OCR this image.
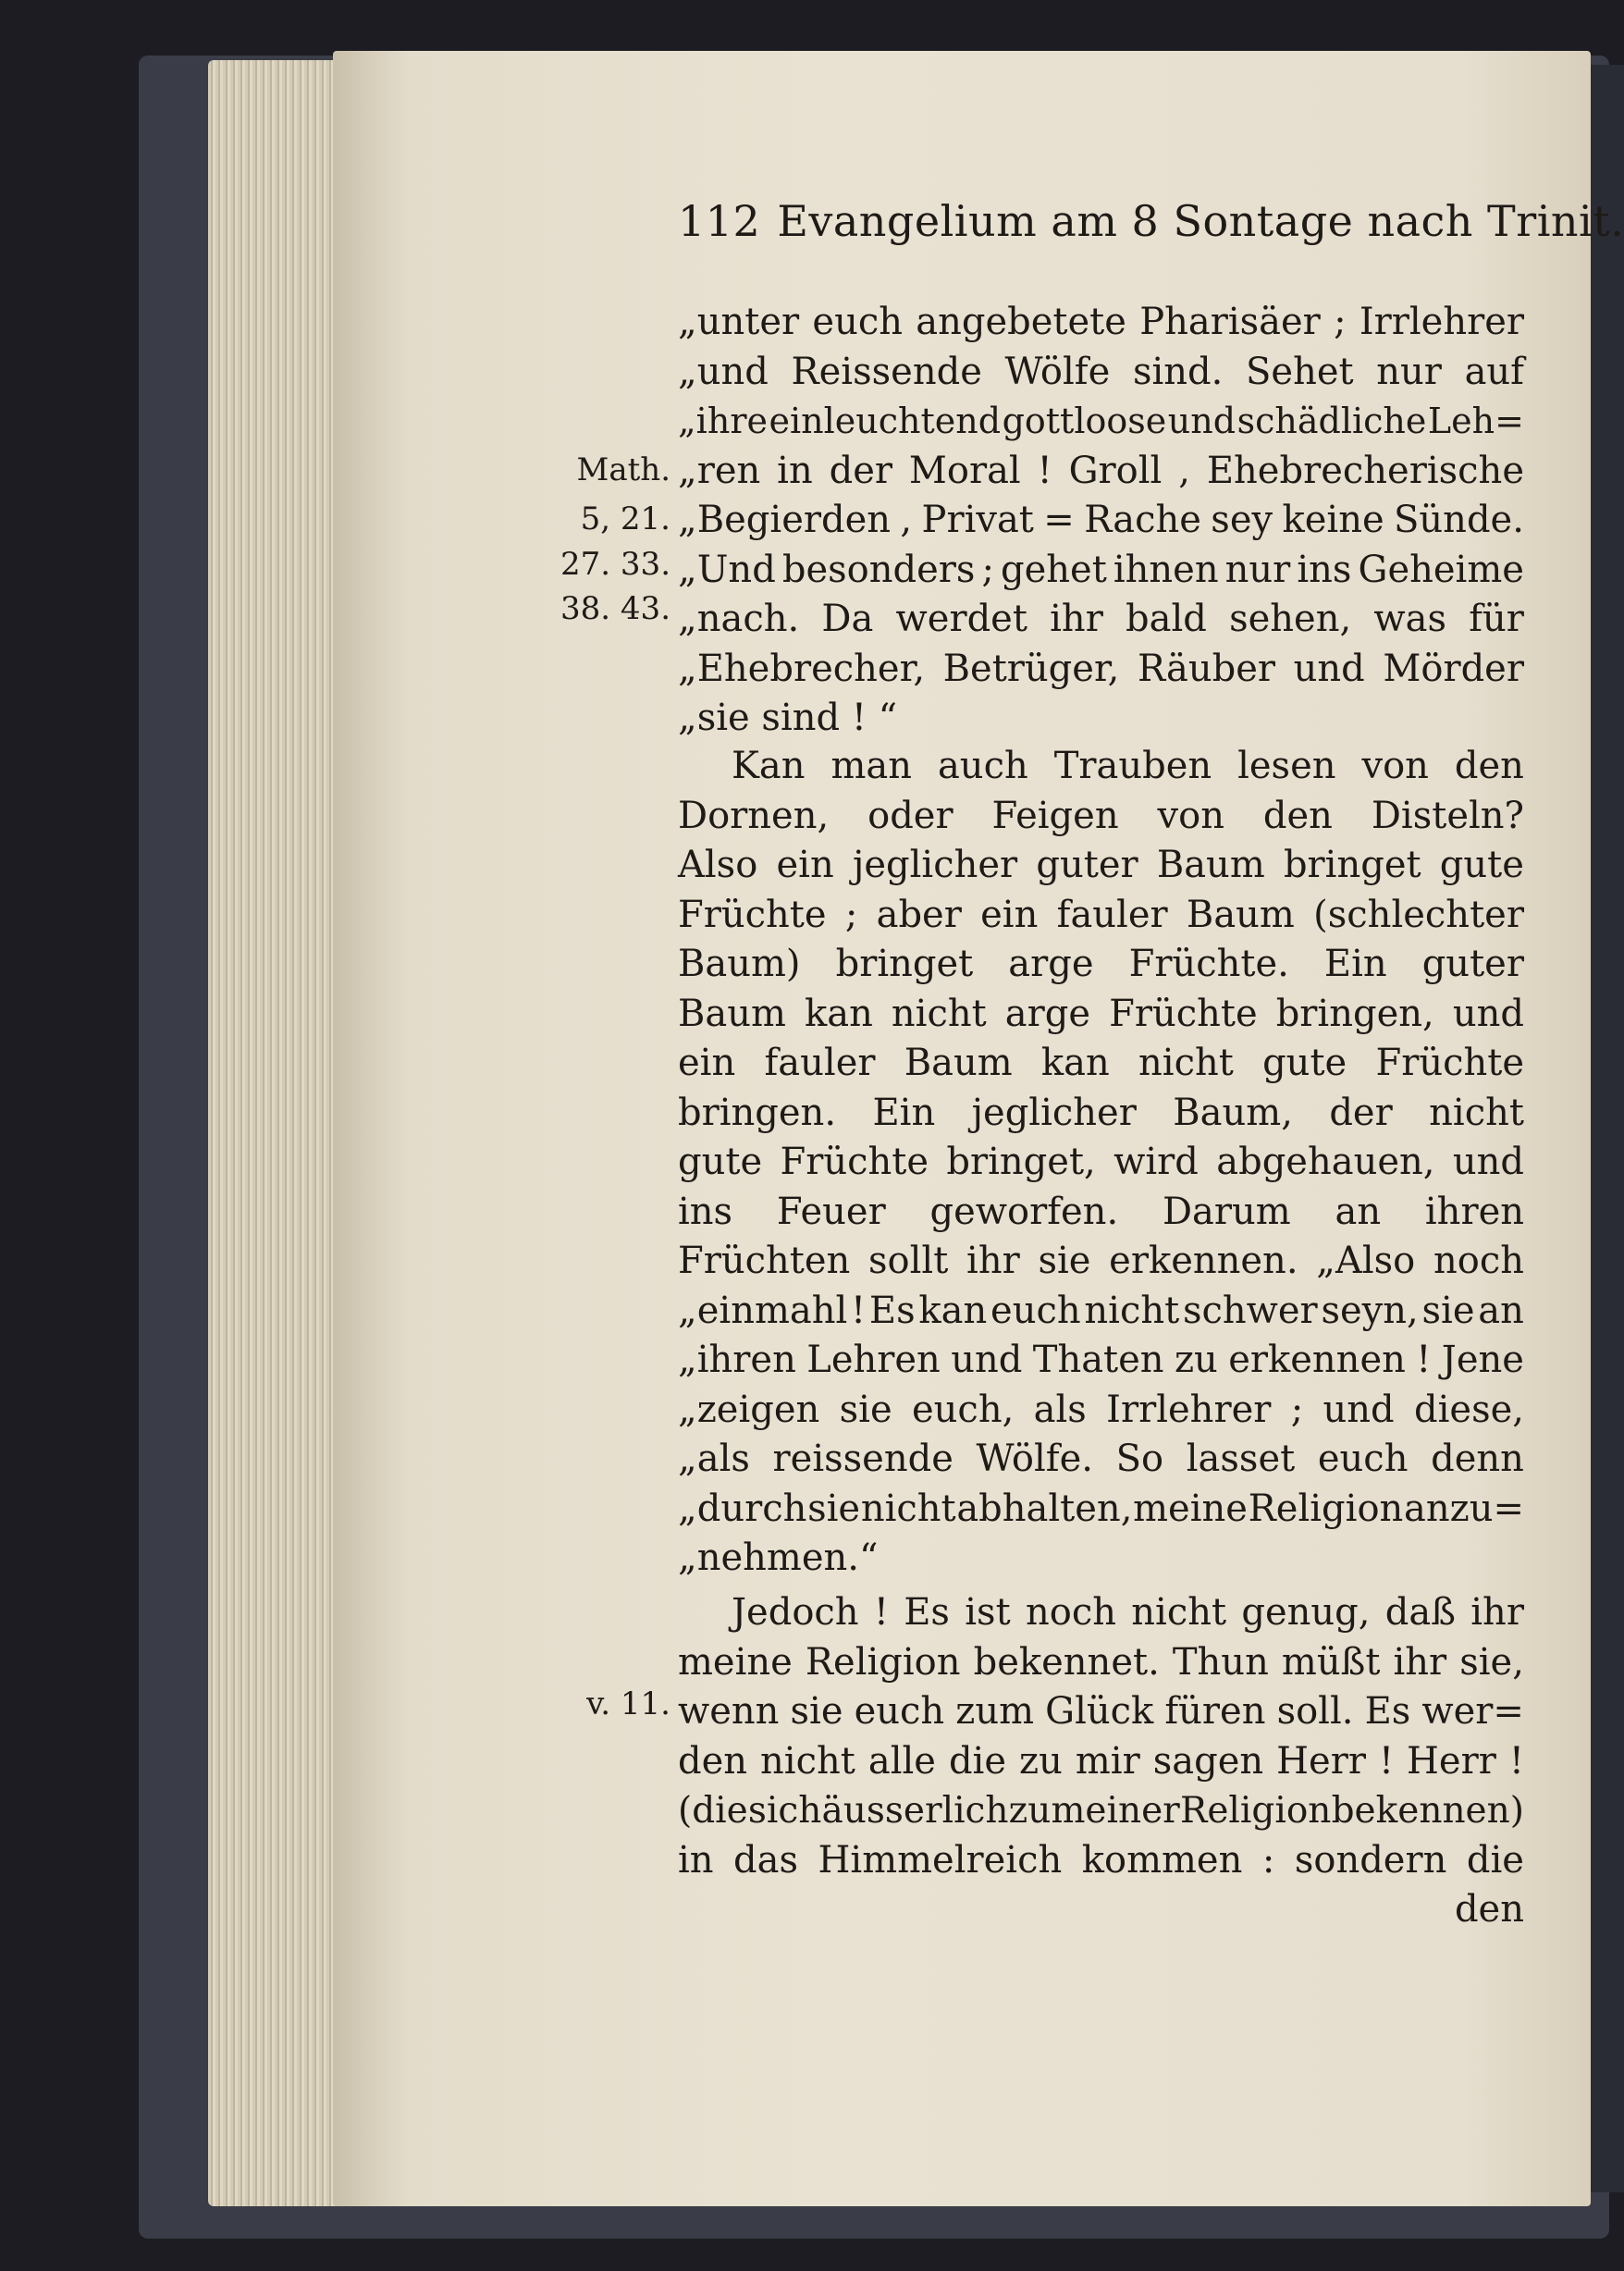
112 Evangelium am 8 Sontage nach Trinit.
Math.
5, 21.
27. 33.
38. 43.
v. 11.
„unter euch angebetete Pharisäer ; Irrlehrer
„und Reissende Wölfe sind. Sehet nur auf
„ihre einleuchtend gottloose und schädliche Leh=
„ren in der Moral ! Groll , Ehebrecherische
„Begierden , Privat = Rache sey keine Sünde.
„Und besonders ; gehet ihnen nur ins Geheime
„nach. Da werdet ihr bald sehen, was für
„Ehebrecher, Betrüger, Räuber und Mörder
„sie sind ! “
Kan man auch Trauben lesen von den
Dornen, oder Feigen von den Disteln?
Also ein jeglicher guter Baum bringet gute
Früchte ; aber ein fauler Baum (schlechter
Baum) bringet arge Früchte. Ein guter
Baum kan nicht arge Früchte bringen, und
ein fauler Baum kan nicht gute Früchte
bringen. Ein jeglicher Baum, der nicht
gute Früchte bringet, wird abgehauen, und
ins Feuer geworfen. Darum an ihren
Früchten sollt ihr sie erkennen. „Also noch
„einmahl ! Es kan euch nicht schwer seyn, sie an
„ihren Lehren und Thaten zu erkennen ! Jene
„zeigen sie euch, als Irrlehrer ; und diese,
„als reissende Wölfe. So lasset euch denn
„durch sie nicht abhalten, meine Religion anzu=
„nehmen.“
Jedoch ! Es ist noch nicht genug, daß ihr
meine Religion bekennet. Thun müßt ihr sie,
wenn sie euch zum Glück füren soll. Es wer=
den nicht alle die zu mir sagen Herr ! Herr !
(die sich äusserlich zu meiner Religion bekennen)
in das Himmelreich kommen : sondern die
den
